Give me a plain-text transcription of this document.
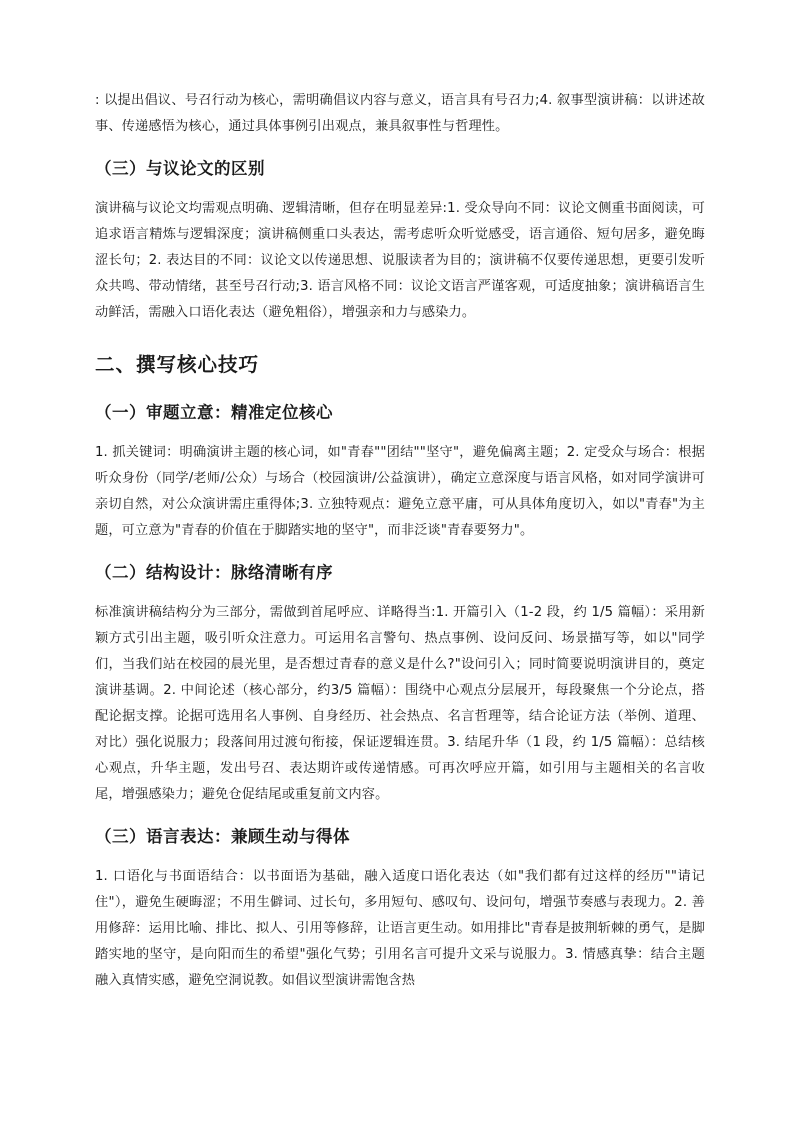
: 以提出倡议、号召行动为核心，需明确倡议内容与意义，语言具有号召力;4. 叙事型演讲稿：以讲述故事、传递感悟为核心，通过具体事例引出观点，兼具叙事性与哲理性。

（三）与议论文的区别

演讲稿与议论文均需观点明确、逻辑清晰，但存在明显差异:1. 受众导向不同：议论文侧重书面阅读，可追求语言精炼与逻辑深度；演讲稿侧重口头表达，需考虑听众听觉感受，语言通俗、短句居多，避免晦涩长句；2. 表达目的不同：议论文以传递思想、说服读者为目的；演讲稿不仅要传递思想，更要引发听众共鸣、带动情绪，甚至号召行动;3. 语言风格不同：议论文语言严谨客观，可适度抽象；演讲稿语言生动鲜活，需融入口语化表达（避免粗俗），增强亲和力与感染力。

二、撰写核心技巧
（一）审题立意：精准定位核心

1. 抓关键词：明确演讲主题的核心词，如"青春""团结""坚守"，避免偏离主题；2. 定受众与场合：根据听众身份（同学/老师/公众）与场合（校园演讲/公益演讲），确定立意深度与语言风格，如对同学演讲可亲切自然，对公众演讲需庄重得体;3. 立独特观点：避免立意平庸，可从具体角度切入，如以"青春"为主题，可立意为"青春的价值在于脚踏实地的坚守"，而非泛谈"青春要努力"。

（二）结构设计：脉络清晰有序

标准演讲稿结构分为三部分，需做到首尾呼应、详略得当:1. 开篇引入（1-2 段，约 1/5 篇幅）：采用新颖方式引出主题，吸引听众注意力。可运用名言警句、热点事例、设问反问、场景描写等，如以"同学们，当我们站在校园的晨光里，是否想过青春的意义是什么?"设问引入；同时简要说明演讲目的，奠定演讲基调。2. 中间论述（核心部分，约3/5 篇幅）：围绕中心观点分层展开，每段聚焦一个分论点，搭配论据支撑。论据可选用名人事例、自身经历、社会热点、名言哲理等，结合论证方法（举例、道理、对比）强化说服力；段落间用过渡句衔接，保证逻辑连贯。3. 结尾升华（1 段，约 1/5 篇幅）：总结核心观点，升华主题，发出号召、表达期许或传递情感。可再次呼应开篇，如引用与主题相关的名言收尾，增强感染力；避免仓促结尾或重复前文内容。

（三）语言表达：兼顾生动与得体

1. 口语化与书面语结合：以书面语为基础，融入适度口语化表达（如"我们都有过这样的经历""请记住"），避免生硬晦涩；不用生僻词、过长句，多用短句、感叹句、设问句，增强节奏感与表现力。2. 善用修辞：运用比喻、排比、拟人、引用等修辞，让语言更生动。如用排比"青春是披荆斩棘的勇气，是脚踏实地的坚守，是向阳而生的希望"强化气势；引用名言可提升文采与说服力。3. 情感真挚：结合主题融入真情实感，避免空洞说教。如倡议型演讲需饱含热
